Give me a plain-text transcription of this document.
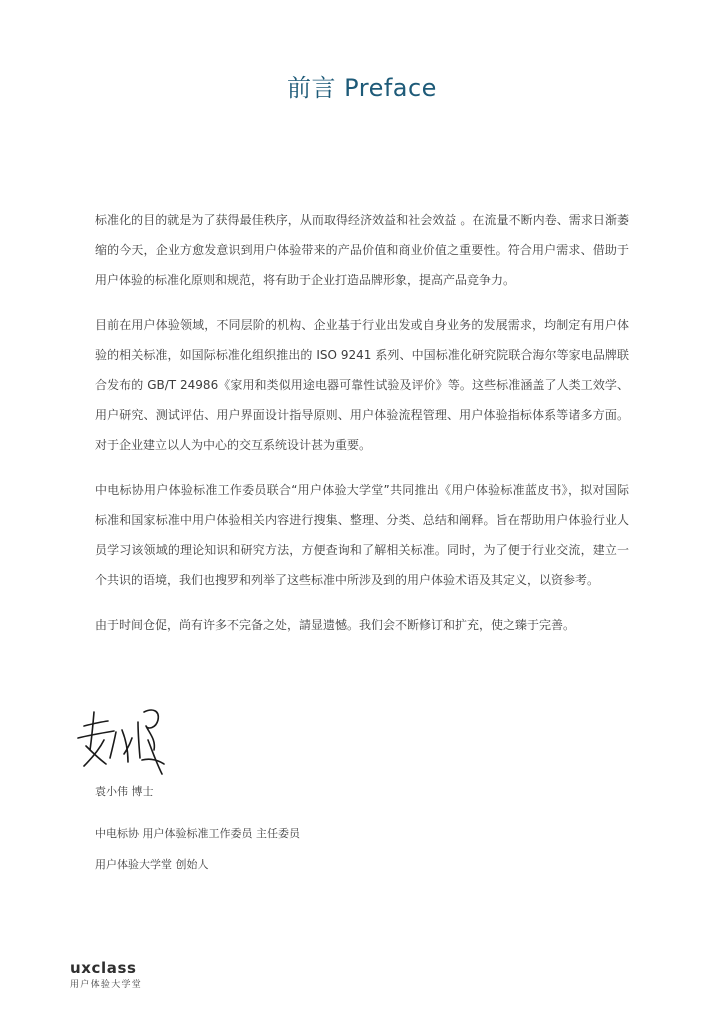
前言 Preface

标准化的目的就是为了获得最佳秩序，从而取得经济效益和社会效益 。在流量不断内卷、需求日渐萎缩的今天，企业方愈发意识到用户体验带来的产品价值和商业价值之重要性。符合用户需求、借助于用户体验的标准化原则和规范，将有助于企业打造品牌形象，提高产品竞争力。

目前在用户体验领域，不同层阶的机构、企业基于行业出发或自身业务的发展需求，均制定有用户体验的相关标准，如国际标准化组织推出的 ISO 9241 系列、中国标准化研究院联合海尔等家电品牌联合发布的 GB/T 24986《家用和类似用途电器可靠性试验及评价》等。这些标准涵盖了人类工效学、用户研究、测试评估、用户界面设计指导原则、用户体验流程管理、用户体验指标体系等诸多方面。对于企业建立以人为中心的交互系统设计甚为重要。

中电标协用户体验标准工作委员联合“用户体验大学堂”共同推出《用户体验标准蓝皮书》，拟对国际标准和国家标准中用户体验相关内容进行搜集、整理、分类、总结和阐释。旨在帮助用户体验行业人员学习该领域的理论知识和研究方法，方便查询和了解相关标准。同时，为了便于行业交流，建立一个共识的语境，我们也搜罗和列举了这些标准中所涉及到的用户体验术语及其定义，以资参考。

由于时间仓促，尚有许多不完备之处，請显遗憾。我们会不断修订和扩充，使之臻于完善。

袁小伟 博士
中电标协 用户体验标准工作委员 主任委员
用户体验大学堂 创始人
uxclass
用户体验大学堂
